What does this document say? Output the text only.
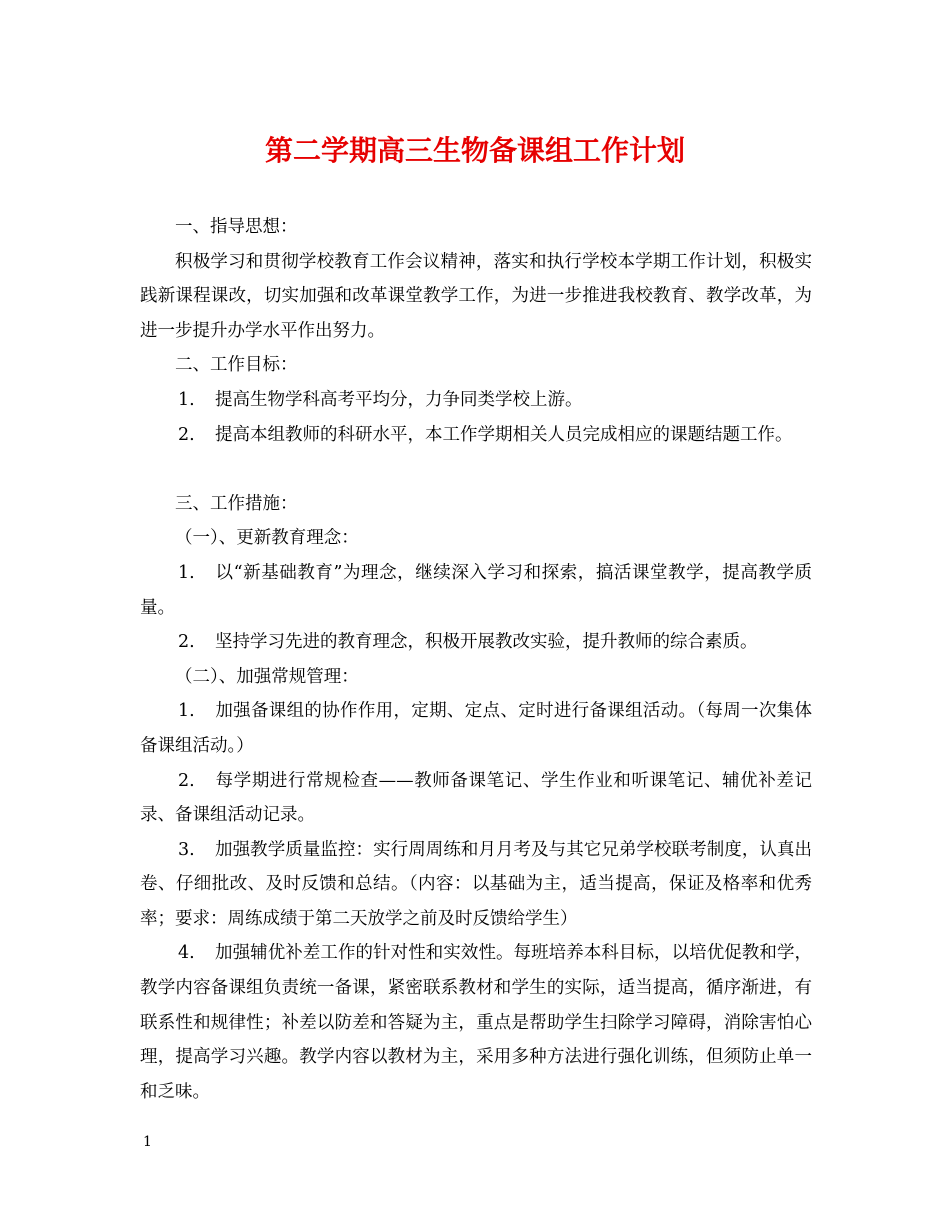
第二学期高三生物备课组工作计划

一、指导思想：

积极学习和贯彻学校教育工作会议精神，落实和执行学校本学期工作计划，积极实践新课程课改，切实加强和改革课堂教学工作，为进一步推进我校教育、教学改革，为进一步提升办学水平作出努力。

二、工作目标：

1. 提高生物学科高考平均分，力争同类学校上游。

2. 提高本组教师的科研水平，本工作学期相关人员完成相应的课题结题工作。

三、工作措施：

（一）、更新教育理念：

1. 以“新基础教育”为理念，继续深入学习和探索，搞活课堂教学，提高教学质量。

2. 坚持学习先进的教育理念，积极开展教改实验，提升教师的综合素质。

（二）、加强常规管理：

1. 加强备课组的协作作用，定期、定点、定时进行备课组活动。（每周一次集体备课组活动。）

2. 每学期进行常规检查——教师备课笔记、学生作业和听课笔记、辅优补差记录、备课组活动记录。

3. 加强教学质量监控：实行周周练和月月考及与其它兄弟学校联考制度，认真出卷、仔细批改、及时反馈和总结。（内容：以基础为主，适当提高，保证及格率和优秀率；要求：周练成绩于第二天放学之前及时反馈给学生）

4. 加强辅优补差工作的针对性和实效性。每班培养本科目标，以培优促教和学，教学内容备课组负责统一备课，紧密联系教材和学生的实际，适当提高，循序渐进，有联系性和规律性；补差以防差和答疑为主，重点是帮助学生扫除学习障碍，消除害怕心理，提高学习兴趣。教学内容以教材为主，采用多种方法进行强化训练，但须防止单一和乏味。

1
